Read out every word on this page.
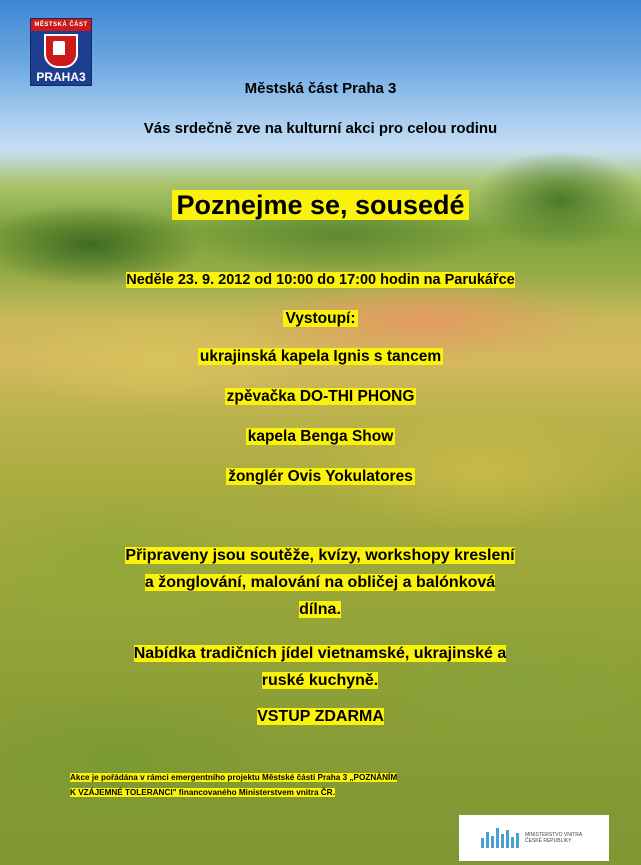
MĚSTSKÁ ČÁST
PRAHA3
Městská část Praha 3
Vás srdečně zve na kulturní akci pro celou rodinu
Poznejme se, sousedé
Neděle 23. 9. 2012 od 10:00 do 17:00 hodin na Parukářce
Vystoupí:
ukrajinská kapela Ignis s tancem
zpěvačka DO-THI PHONG
kapela Benga Show
žonglér Ovis Yokulatores
Připraveny jsou soutěže, kvízy, workshopy kreslení
a žonglování, malování na obličej a balónková
dílna.
Nabídka tradičních jídel vietnamské, ukrajinské a
ruské kuchyně.
VSTUP ZDARMA
Akce je pořádána v rámci emergentního projektu Městské části Praha 3 „POZNÁNÍM
K VZÁJEMNÉ TOLERANCI" financovaného Ministerstvem vnitra ČR.
MINISTERSTVO VNITRA ČESKÉ REPUBLIKY
